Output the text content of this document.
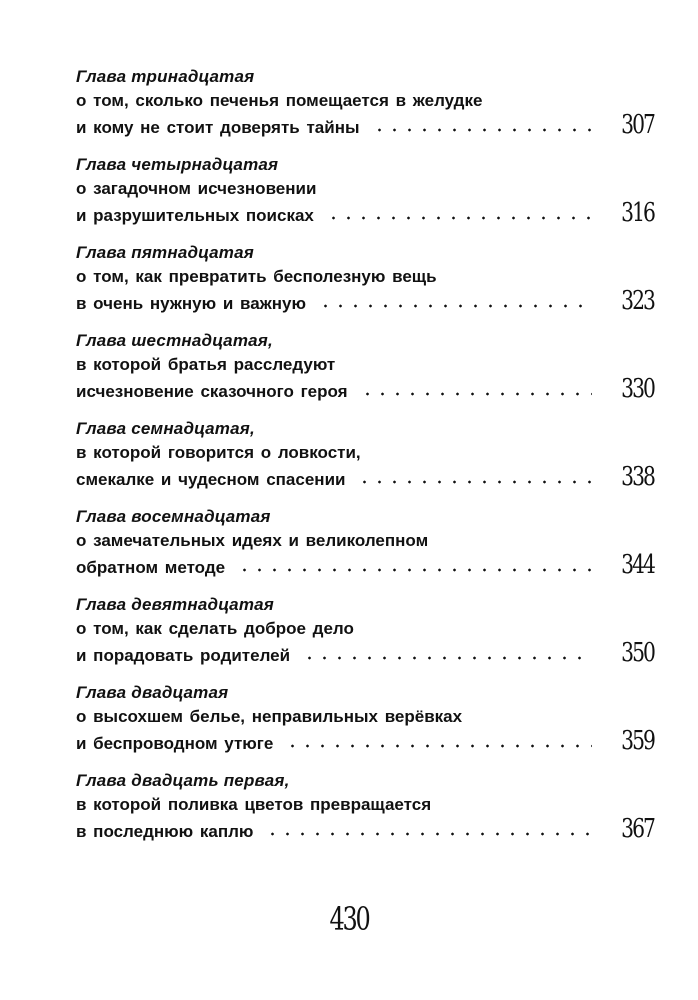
Глава тринадцатая
о том, сколько печенья помещается в желудке
и кому не стоит доверять тайны	307
Глава четырнадцатая
о загадочном исчезновении
и разрушительных поисках	316
Глава пятнадцатая
о том, как превратить бесполезную вещь
в очень нужную и важную	323
Глава шестнадцатая,
в которой братья расследуют
исчезновение сказочного героя	330
Глава семнадцатая,
в которой говорится о ловкости,
смекалке и чудесном спасении	338
Глава восемнадцатая
о замечательных идеях и великолепном
обратном методе	344
Глава девятнадцатая
о том, как сделать доброе дело
и порадовать родителей	350
Глава двадцатая
о высохшем белье, неправильных верёвках
и беспроводном утюге	359
Глава двадцать первая,
в которой поливка цветов превращается
в последнюю каплю	367
430
